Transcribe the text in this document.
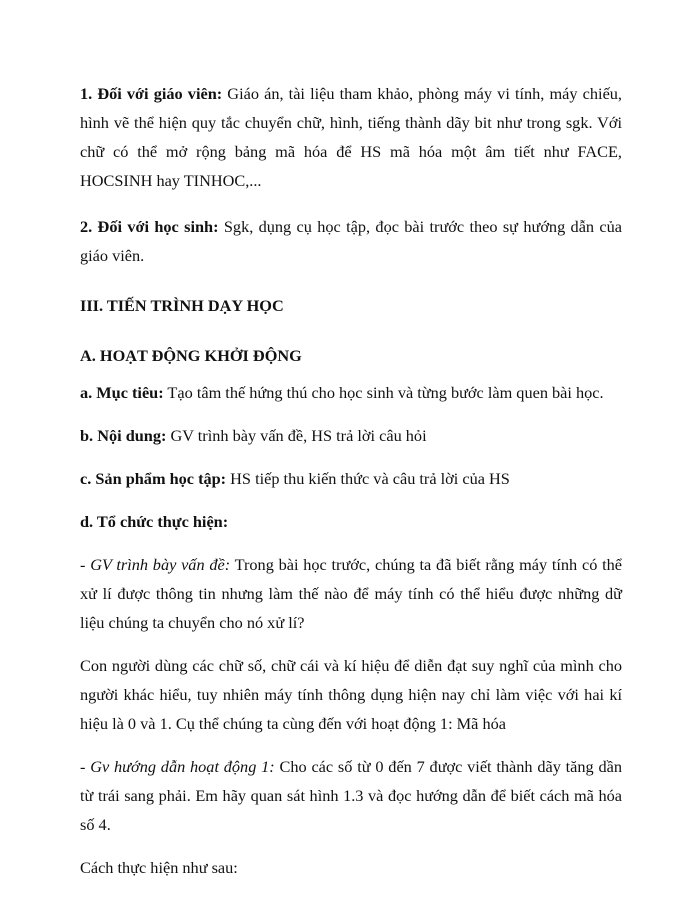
1. Đối với giáo viên: Giáo án, tài liệu tham khảo, phòng máy vi tính, máy chiếu, hình vẽ thể hiện quy tắc chuyển chữ, hình, tiếng thành dãy bit như trong sgk. Với chữ có thể mở rộng bảng mã hóa để HS mã hóa một âm tiết như FACE, HOCSINH hay TINHOC,...

2. Đối với học sinh: Sgk, dụng cụ học tập, đọc bài trước theo sự hướng dẫn của giáo viên.

III. TIẾN TRÌNH DẠY HỌC

A. HOẠT ĐỘNG KHỞI ĐỘNG

a. Mục tiêu: Tạo tâm thế hứng thú cho học sinh và từng bước làm quen bài học.

b. Nội dung: GV trình bày vấn đề, HS trả lời câu hỏi

c. Sản phẩm học tập: HS tiếp thu kiến thức và câu trả lời của HS

d. Tổ chức thực hiện:

- GV trình bày vấn đề: Trong bài học trước, chúng ta đã biết rằng máy tính có thể xử lí được thông tin nhưng làm thế nào để máy tính có thể hiểu được những dữ liệu chúng ta chuyển cho nó xử lí?

Con người dùng các chữ số, chữ cái và kí hiệu để diễn đạt suy nghĩ của mình cho người khác hiểu, tuy nhiên máy tính thông dụng hiện nay chỉ làm việc với hai kí hiệu là 0 và 1. Cụ thể chúng ta cùng đến với hoạt động 1: Mã hóa

- Gv hướng dẫn hoạt động 1: Cho các số từ 0 đến 7 được viết thành dãy tăng dần từ trái sang phải. Em hãy quan sát hình 1.3 và đọc hướng dẫn để biết cách mã hóa số 4.

Cách thực hiện như sau:
